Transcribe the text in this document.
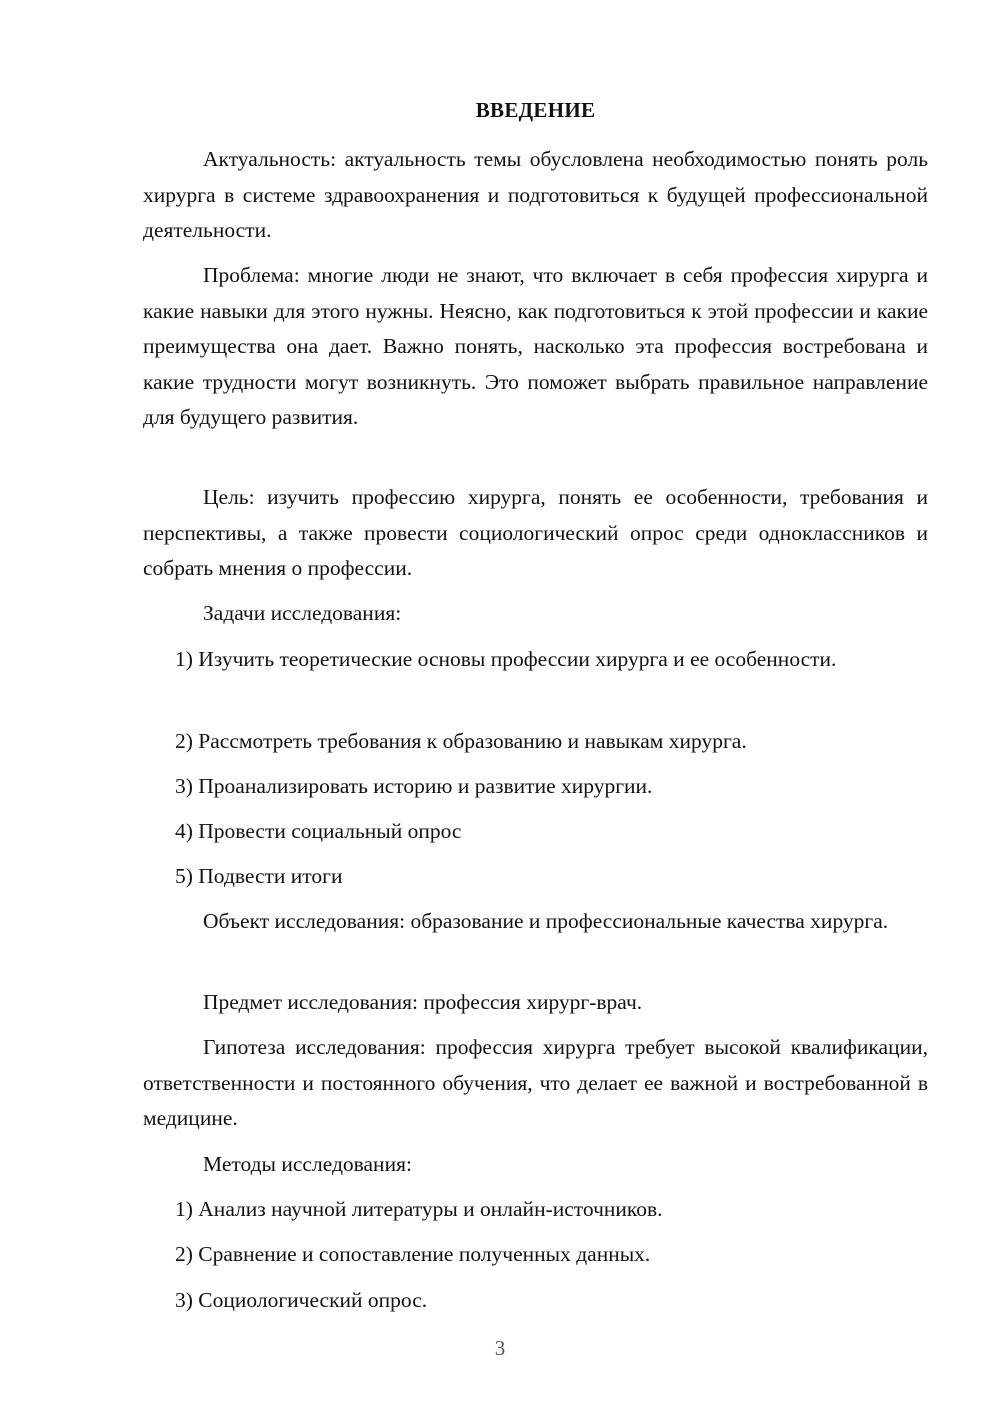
ВВЕДЕНИЕ

Актуальность: актуальность темы обусловлена необходимостью понять роль хирурга в системе здравоохранения и подготовиться к будущей профессиональной деятельности.

Проблема: многие люди не знают, что включает в себя профессия хирурга и какие навыки для этого нужны. Неясно, как подготовиться к этой профессии и какие преимущества она дает. Важно понять, насколько эта профессия востребована и какие трудности могут возникнуть. Это поможет выбрать правильное направление для будущего развития.

Цель: изучить профессию хирурга, понять ее особенности, требования и перспективы, а также провести социологический опрос среди одноклассников и собрать мнения о профессии.

Задачи исследования:

1) Изучить теоретические основы профессии хирурга и ее особенности.

2) Рассмотреть требования к образованию и навыкам хирурга.

3) Проанализировать историю и развитие хирургии.

4) Провести социальный опрос

5) Подвести итоги

Объект исследования: образование и профессиональные качества хирурга.

Предмет исследования: профессия хирург-врач.

Гипотеза исследования: профессия хирурга требует высокой квалификации, ответственности и постоянного обучения, что делает ее важной и востребованной в медицине.

Методы исследования:

1) Анализ научной литературы и онлайн-источников.

2) Сравнение и сопоставление полученных данных.

3) Социологический опрос.

3
